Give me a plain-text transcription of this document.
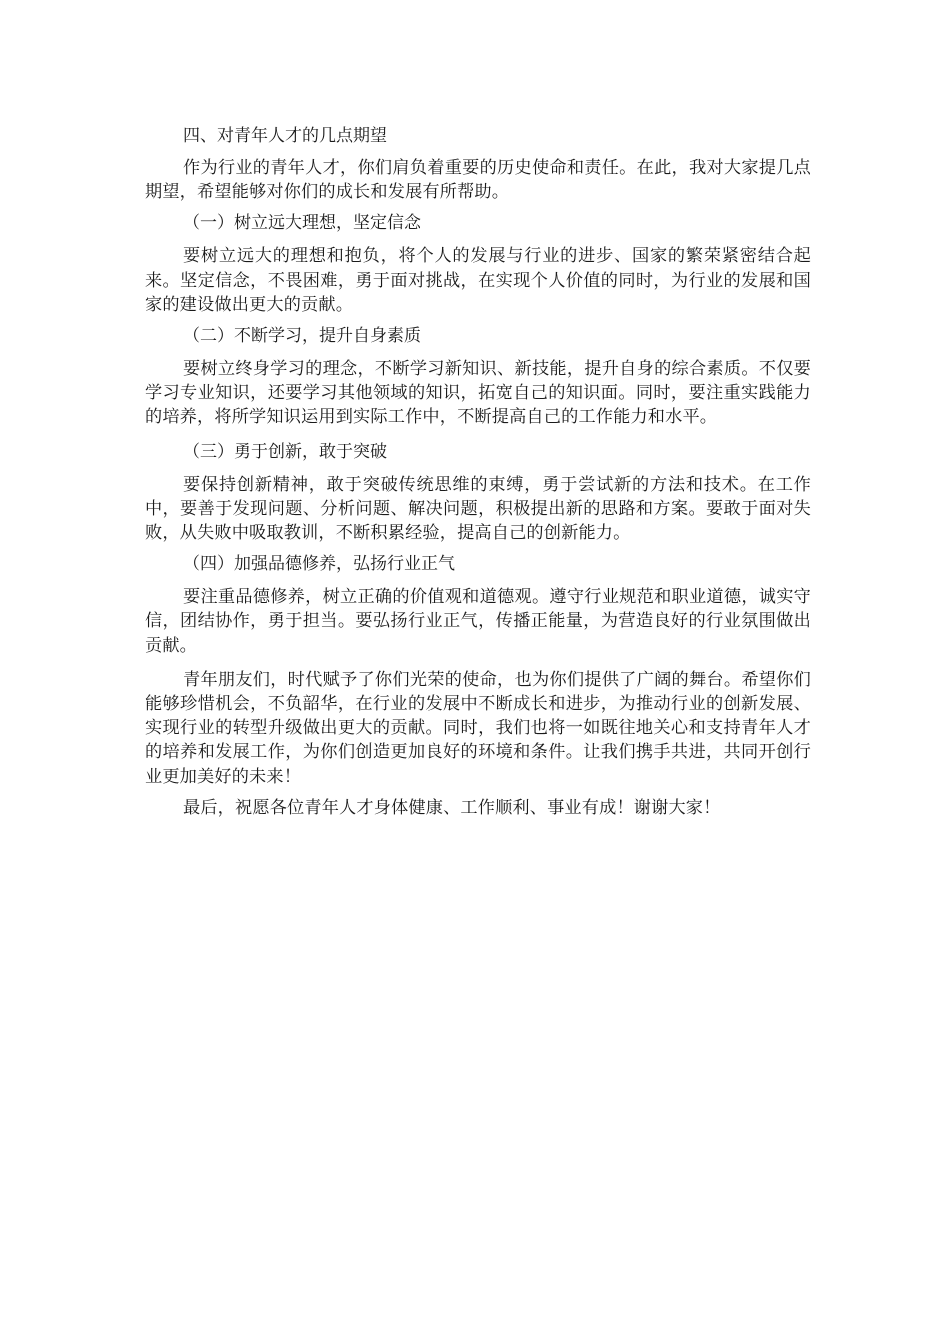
四、对青年人才的几点期望

作为行业的青年人才，你们肩负着重要的历史使命和责任。在此，我对大家提几点期望，希望能够对你们的成长和发展有所帮助。

（一）树立远大理想，坚定信念

要树立远大的理想和抱负，将个人的发展与行业的进步、国家的繁荣紧密结合起来。坚定信念，不畏困难，勇于面对挑战，在实现个人价值的同时，为行业的发展和国家的建设做出更大的贡献。

（二）不断学习，提升自身素质

要树立终身学习的理念，不断学习新知识、新技能，提升自身的综合素质。不仅要学习专业知识，还要学习其他领域的知识，拓宽自己的知识面。同时，要注重实践能力的培养，将所学知识运用到实际工作中，不断提高自己的工作能力和水平。

（三）勇于创新，敢于突破

要保持创新精神，敢于突破传统思维的束缚，勇于尝试新的方法和技术。在工作中，要善于发现问题、分析问题、解决问题，积极提出新的思路和方案。要敢于面对失败，从失败中吸取教训，不断积累经验，提高自己的创新能力。

（四）加强品德修养，弘扬行业正气

要注重品德修养，树立正确的价值观和道德观。遵守行业规范和职业道德，诚实守信，团结协作，勇于担当。要弘扬行业正气，传播正能量，为营造良好的行业氛围做出贡献。

青年朋友们，时代赋予了你们光荣的使命，也为你们提供了广阔的舞台。希望你们能够珍惜机会，不负韶华，在行业的发展中不断成长和进步，为推动行业的创新发展、实现行业的转型升级做出更大的贡献。同时，我们也将一如既往地关心和支持青年人才的培养和发展工作，为你们创造更加良好的环境和条件。让我们携手共进，共同开创行业更加美好的未来！

最后，祝愿各位青年人才身体健康、工作顺利、事业有成！谢谢大家！
